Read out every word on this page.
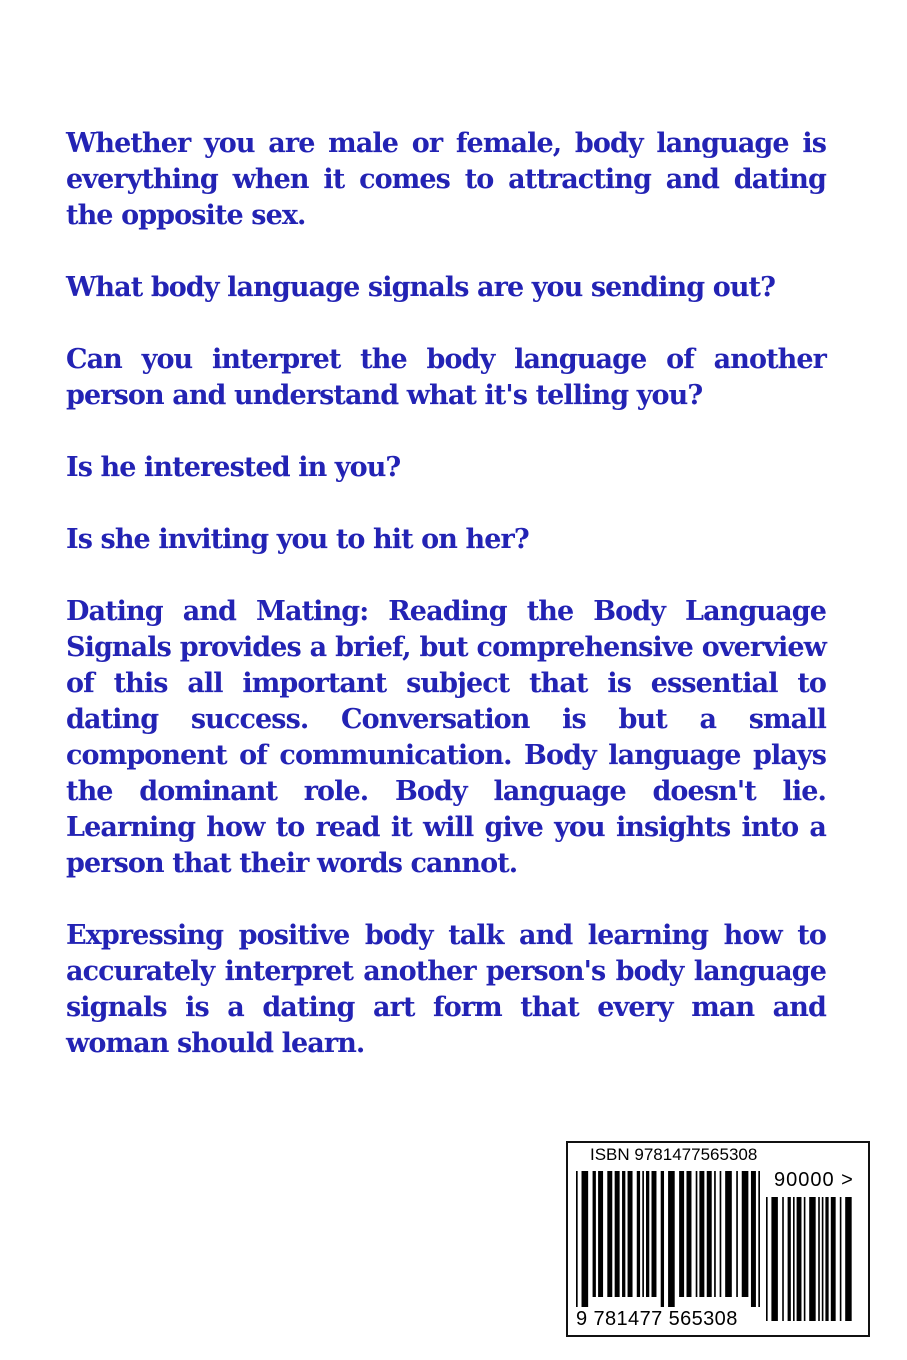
Whether you are male or female, body language is everything when it comes to attracting and dating the opposite sex.

What body language signals are you sending out?

Can you interpret the body language of another person and understand what it's telling you?

Is he interested in you?

Is she inviting you to hit on her?

Dating and Mating: Reading the Body Language Signals provides a brief, but comprehensive overview of this all important subject that is essential to dating success. Conversation is but a small component of communication. Body language plays the dominant role. Body language doesn't lie. Learning how to read it will give you insights into a person that their words cannot.

Expressing positive body talk and learning how to accurately interpret another person's body language signals is a dating art form that every man and woman should learn.

ISBN 9781477565308
9 781477 565308
90000 >
